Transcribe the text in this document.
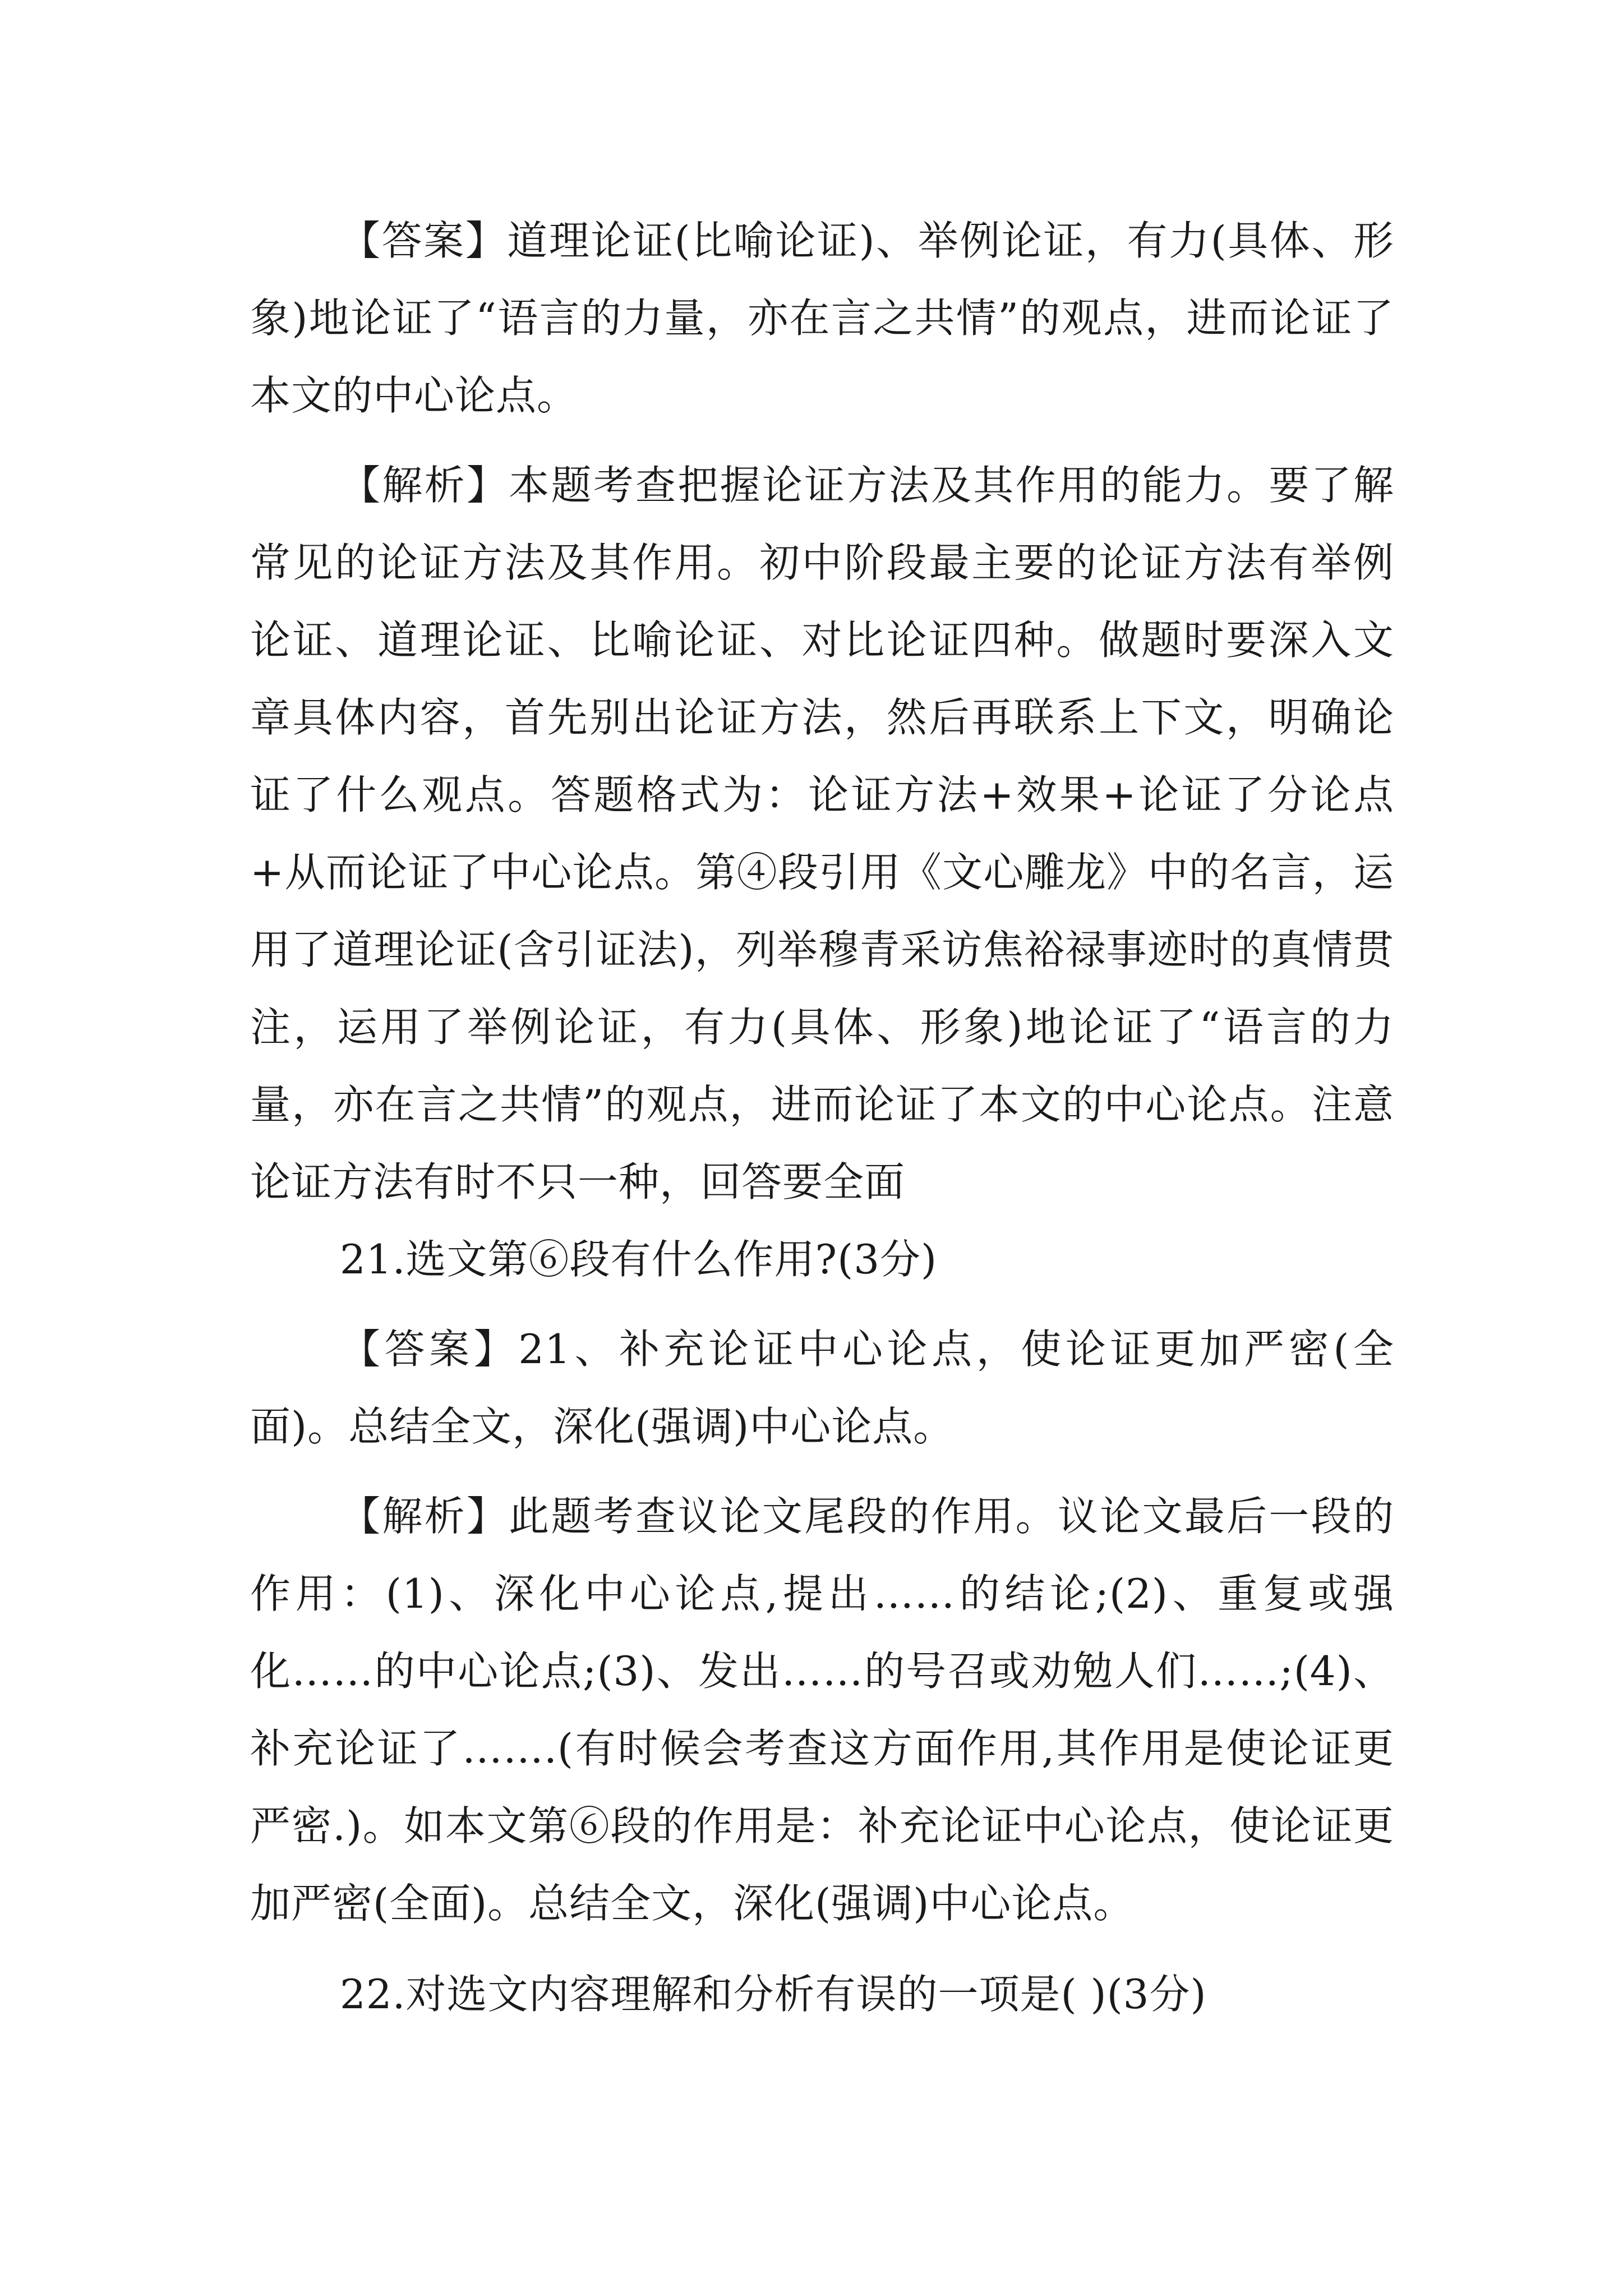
【答案】道理论证(比喻论证)、举例论证，有力(具体、形象)地论证了“语言的力量，亦在言之共情”的观点，进而论证了本文的中心论点。

【解析】本题考查把握论证方法及其作用的能力。要了解常见的论证方法及其作用。初中阶段最主要的论证方法有举例论证、道理论证、比喻论证、对比论证四种。做题时要深入文章具体内容，首先别出论证方法，然后再联系上下文，明确论证了什么观点。答题格式为：论证方法+效果+论证了分论点+从而论证了中心论点。第④段引用《文心雕龙》中的名言，运用了道理论证(含引证法)，列举穆青采访焦裕禄事迹时的真情贯注，运用了举例论证，有力(具体、形象)地论证了“语言的力量，亦在言之共情”的观点，进而论证了本文的中心论点。注意论证方法有时不只一种，回答要全面

21.选文第⑥段有什么作用?(3分)

【答案】21、补充论证中心论点，使论证更加严密(全面)。总结全文，深化(强调)中心论点。

【解析】此题考查议论文尾段的作用。议论文最后一段的作用：(1)、深化中心论点,提出……的结论;(2)、重复或强化……的中心论点;(3)、发出……的号召或劝勉人们……;(4)、补充论证了…….(有时候会考查这方面作用,其作用是使论证更严密.)。如本文第⑥段的作用是：补充论证中心论点，使论证更加严密(全面)。总结全文，深化(强调)中心论点。

22.对选文内容理解和分析有误的一项是( )(3分)
